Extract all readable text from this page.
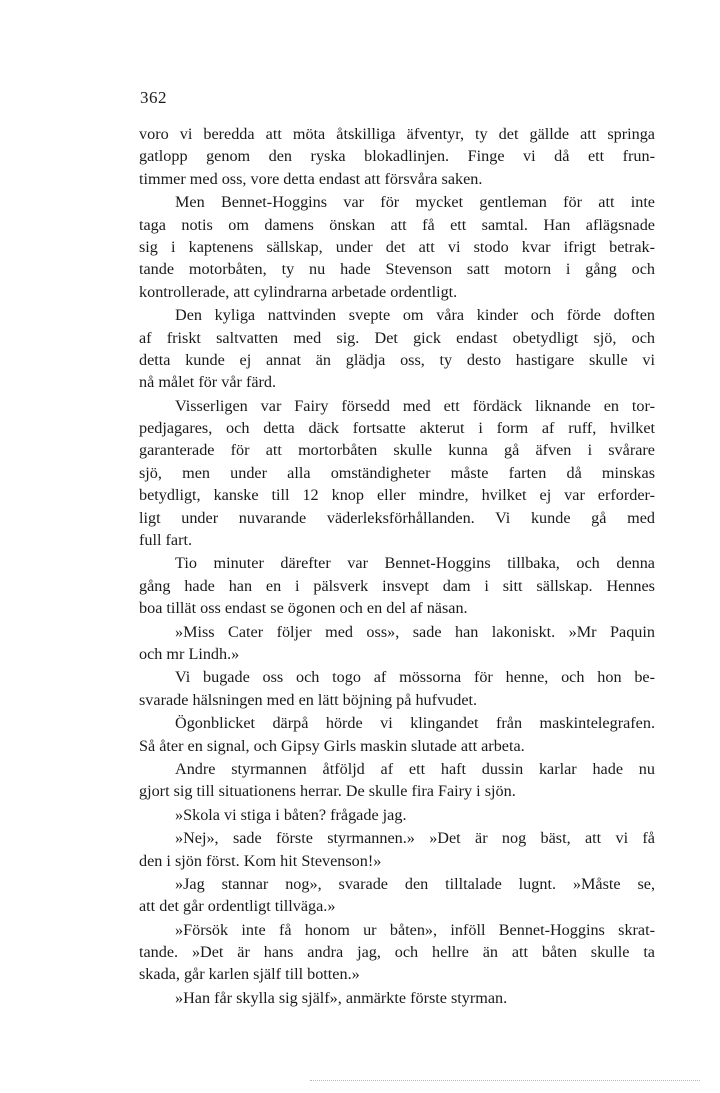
362
voro vi beredda att möta åtskilliga äfventyr, ty det gällde att springa
gatlopp genom den ryska blokadlinjen. Finge vi då ett frun-
timmer med oss, vore detta endast att försvåra saken.
Men Bennet-Hoggins var för mycket gentleman för att inte
taga notis om damens önskan att få ett samtal. Han aflägsnade
sig i kaptenens sällskap, under det att vi stodo kvar ifrigt betrak-
tande motorbåten, ty nu hade Stevenson satt motorn i gång och
kontrollerade, att cylindrarna arbetade ordentligt.
Den kyliga nattvinden svepte om våra kinder och förde doften
af friskt saltvatten med sig. Det gick endast obetydligt sjö, och
detta kunde ej annat än glädja oss, ty desto hastigare skulle vi
nå målet för vår färd.
Visserligen var Fairy försedd med ett fördäck liknande en tor-
pedjagares, och detta däck fortsatte akterut i form af ruff, hvilket
garanterade för att mortorbåten skulle kunna gå äfven i svårare
sjö, men under alla omständigheter måste farten då minskas
betydligt, kanske till 12 knop eller mindre, hvilket ej var erforder-
ligt under nuvarande väderleksförhållanden. Vi kunde gå med
full fart.
Tio minuter därefter var Bennet-Hoggins tillbaka, och denna
gång hade han en i pälsverk insvept dam i sitt sällskap. Hennes
boa tillät oss endast se ögonen och en del af näsan.
»Miss Cater följer med oss», sade han lakoniskt. »Mr Paquin
och mr Lindh.»
Vi bugade oss och togo af mössorna för henne, och hon be-
svarade hälsningen med en lätt böjning på hufvudet.
Ögonblicket därpå hörde vi klingandet från maskintelegrafen.
Så åter en signal, och Gipsy Girls maskin slutade att arbeta.
Andre styrmannen åtföljd af ett haft dussin karlar hade nu
gjort sig till situationens herrar. De skulle fira Fairy i sjön.
»Skola vi stiga i båten? frågade jag.
»Nej», sade förste styrmannen.» »Det är nog bäst, att vi få
den i sjön först. Kom hit Stevenson!»
»Jag stannar nog», svarade den tilltalade lugnt. »Måste se,
att det går ordentligt tillväga.»
»Försök inte få honom ur båten», inföll Bennet-Hoggins skrat-
tande. »Det är hans andra jag, och hellre än att båten skulle ta
skada, går karlen själf till botten.»
»Han får skylla sig själf», anmärkte förste styrman.
